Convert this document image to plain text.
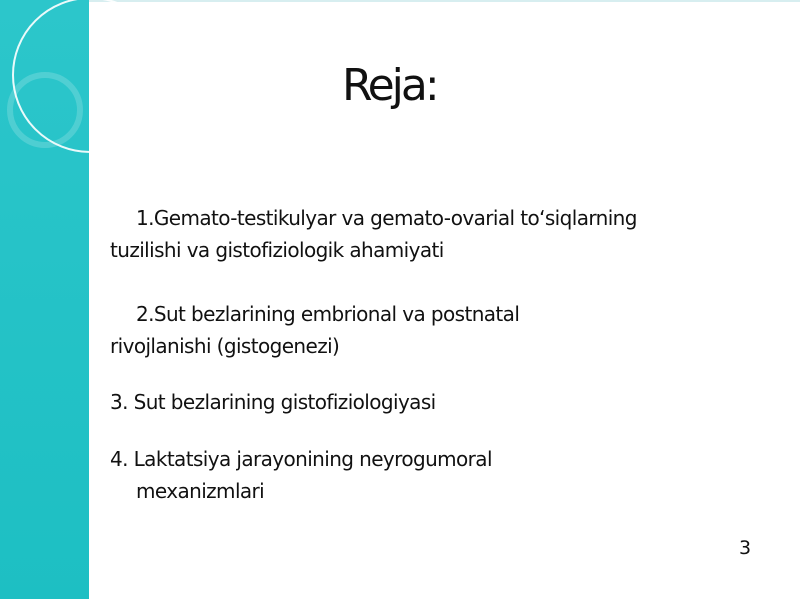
Reja:
1.Gemato-testikulyar va gemato-ovarial to‘siqlarning
tuzilishi va gistofiziologik ahamiyati
2.Sut bezlarining embrional va postnatal
rivojlanishi (gistogenezi)
3. Sut bezlarining gistofiziologiyasi
4. Laktatsiya jarayonining neyrogumoral
mexanizmlari

3
